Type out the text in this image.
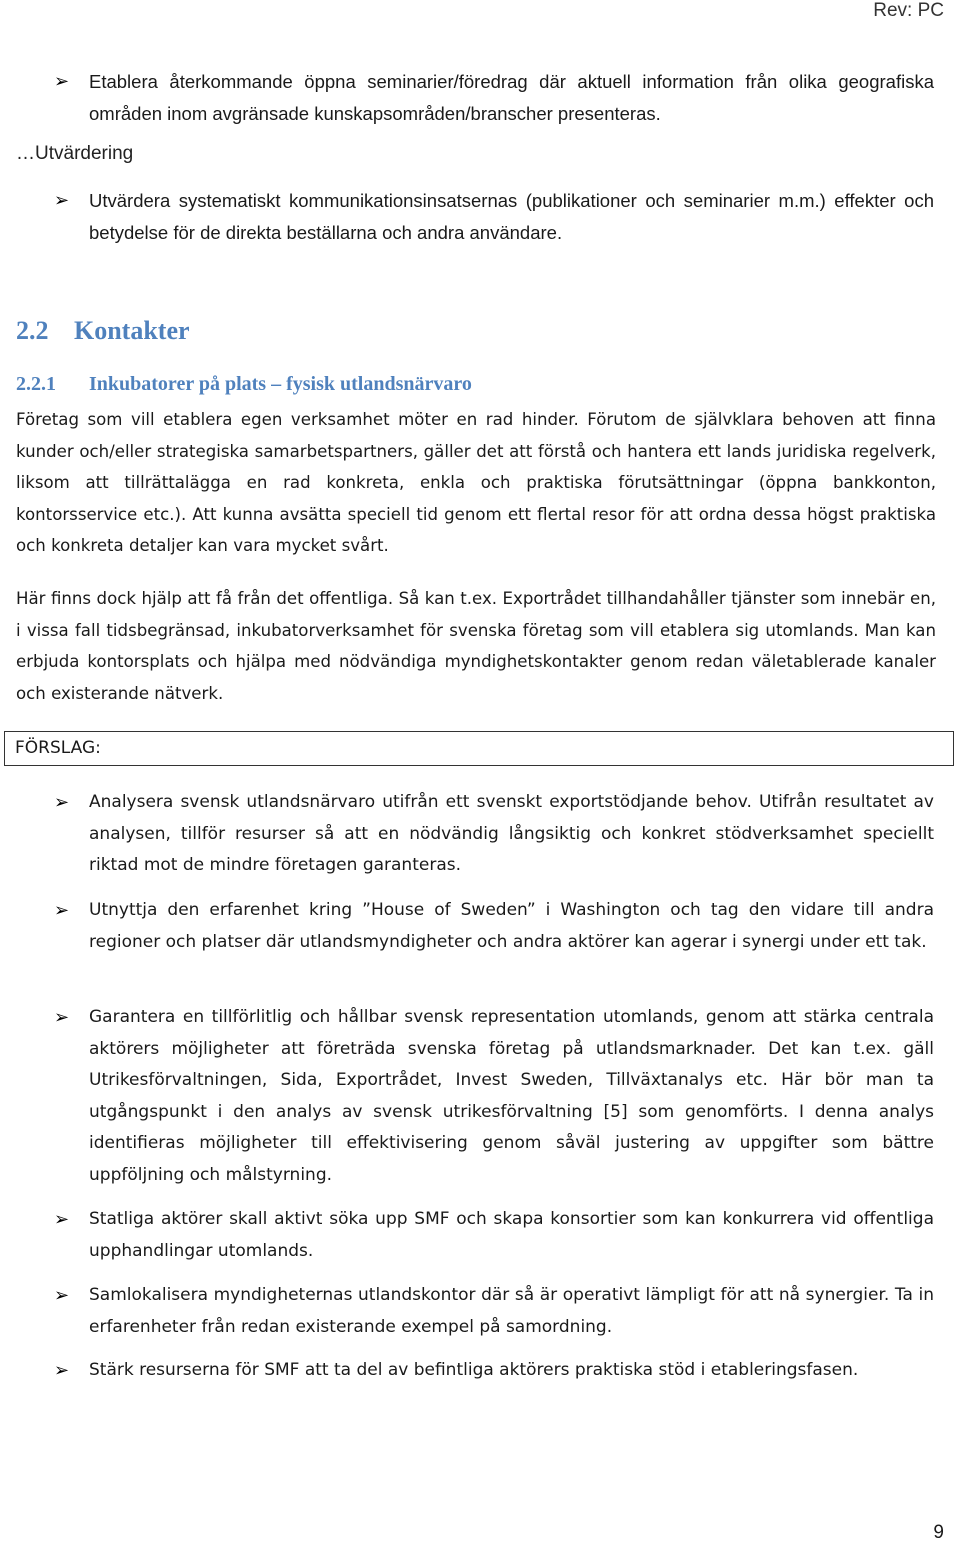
Rev: PC
➢	Etablera återkommande öppna seminarier/föredrag där aktuell information från olika geografiska områden inom avgränsade kunskapsområden/branscher presenteras.
…Utvärdering
➢	Utvärdera systematiskt kommunikationsinsatsernas (publikationer och seminarier m.m.) effekter och betydelse för de direkta beställarna och andra användare.
2.2 Kontakter
2.2.1	Inkubatorer på plats – fysisk utlandsnärvaro
Företag som vill etablera egen verksamhet möter en rad hinder. Förutom de självklara behoven att finna kunder och/eller strategiska samarbetspartners, gäller det att förstå och hantera ett lands juridiska regelverk, liksom att tillrättalägga en rad konkreta, enkla och praktiska förutsättningar (öppna bankkonton, kontorsservice etc.). Att kunna avsätta speciell tid genom ett flertal resor för att ordna dessa högst praktiska och konkreta detaljer kan vara mycket svårt.
Här finns dock hjälp att få från det offentliga. Så kan t.ex. Exportrådet tillhandahåller tjänster som innebär en, i vissa fall tidsbegränsad, inkubatorverksamhet för svenska företag som vill etablera sig utomlands. Man kan erbjuda kontorsplats och hjälpa med nödvändiga myndighetskontakter genom redan väletablerade kanaler och existerande nätverk.
FÖRSLAG:
➢	Analysera svensk utlandsnärvaro utifrån ett svenskt exportstödjande behov. Utifrån resultatet av analysen, tillför resurser så att en nödvändig långsiktig och konkret stödverksamhet speciellt riktad mot de mindre företagen garanteras.
➢	Utnyttja den erfarenhet kring ”House of Sweden” i Washington och tag den vidare till andra regioner och platser där utlandsmyndigheter och andra aktörer kan agerar i synergi under ett tak.
➢	Garantera en tillförlitlig och hållbar svensk representation utomlands, genom att stärka centrala aktörers möjligheter att företräda svenska företag på utlandsmarknader. Det kan t.ex. gäll Utrikesförvaltningen, Sida, Exportrådet, Invest Sweden, Tillväxtanalys etc. Här bör man ta utgångspunkt i den analys av svensk utrikesförvaltning [5] som genomförts. I denna analys identifieras möjligheter till effektivisering genom såväl justering av uppgifter som bättre uppföljning och målstyrning.
➢	Statliga aktörer skall aktivt söka upp SMF och skapa konsortier som kan konkurrera vid offentliga upphandlingar utomlands.
➢	Samlokalisera myndigheternas utlandskontor där så är operativt lämpligt för att nå synergier. Ta in erfarenheter från redan existerande exempel på samordning.
➢	Stärk resurserna för SMF att ta del av befintliga aktörers praktiska stöd i etableringsfasen.
9
